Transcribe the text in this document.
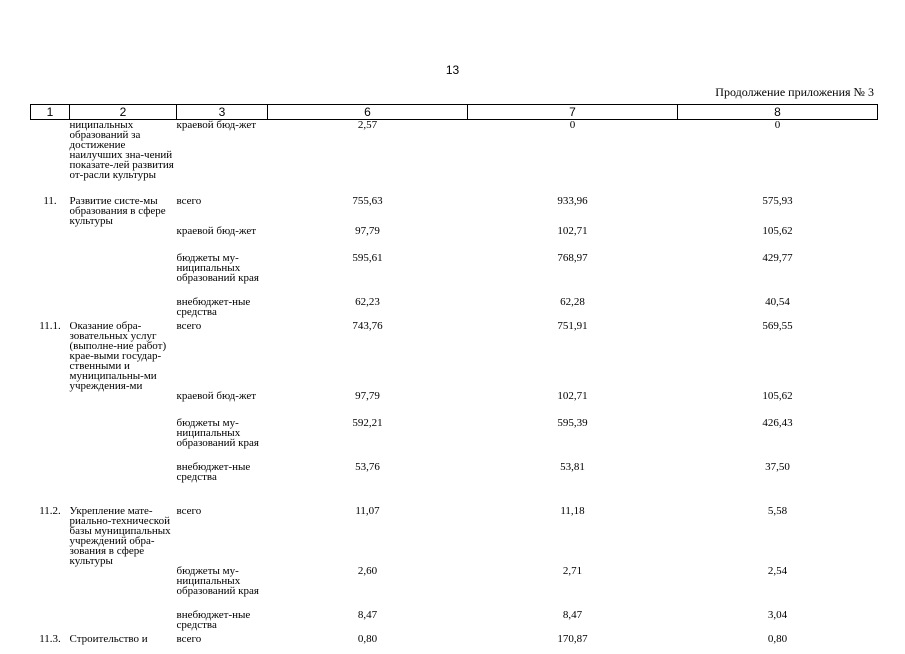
13
Продолжение приложения № 3
1	2	3	6	7	8
	ниципальных образований за достижение наилучших зна-чений показате-лей развития от-расли культуры	краевой бюд-жет	2,57	0	0
11.	Развитие систе-мы образования в сфере культуры	всего	755,63	933,96	575,93
		краевой бюд-жет	97,79	102,71	105,62
		бюджеты му-ниципальных образований края	595,61	768,97	429,77
		внебюджет-ные средства	62,23	62,28	40,54
11.1.	Оказание обра-зовательных услуг (выполне-ние работ) крае-выми государ-ственными и муниципальны-ми учреждения-ми	всего	743,76	751,91	569,55
		краевой бюд-жет	97,79	102,71	105,62
		бюджеты му-ниципальных образований края	592,21	595,39	426,43
		внебюджет-ные средства	53,76	53,81	37,50
11.2.	Укрепление мате-риально-технической базы муниципальных учреждений обра-зования в сфере культуры	всего	11,07	11,18	5,58
		бюджеты му-ниципальных образований края	2,60	2,71	2,54
		внебюджет-ные средства	8,47	8,47	3,04
11.3.	Строительство и	всего	0,80	170,87	0,80
